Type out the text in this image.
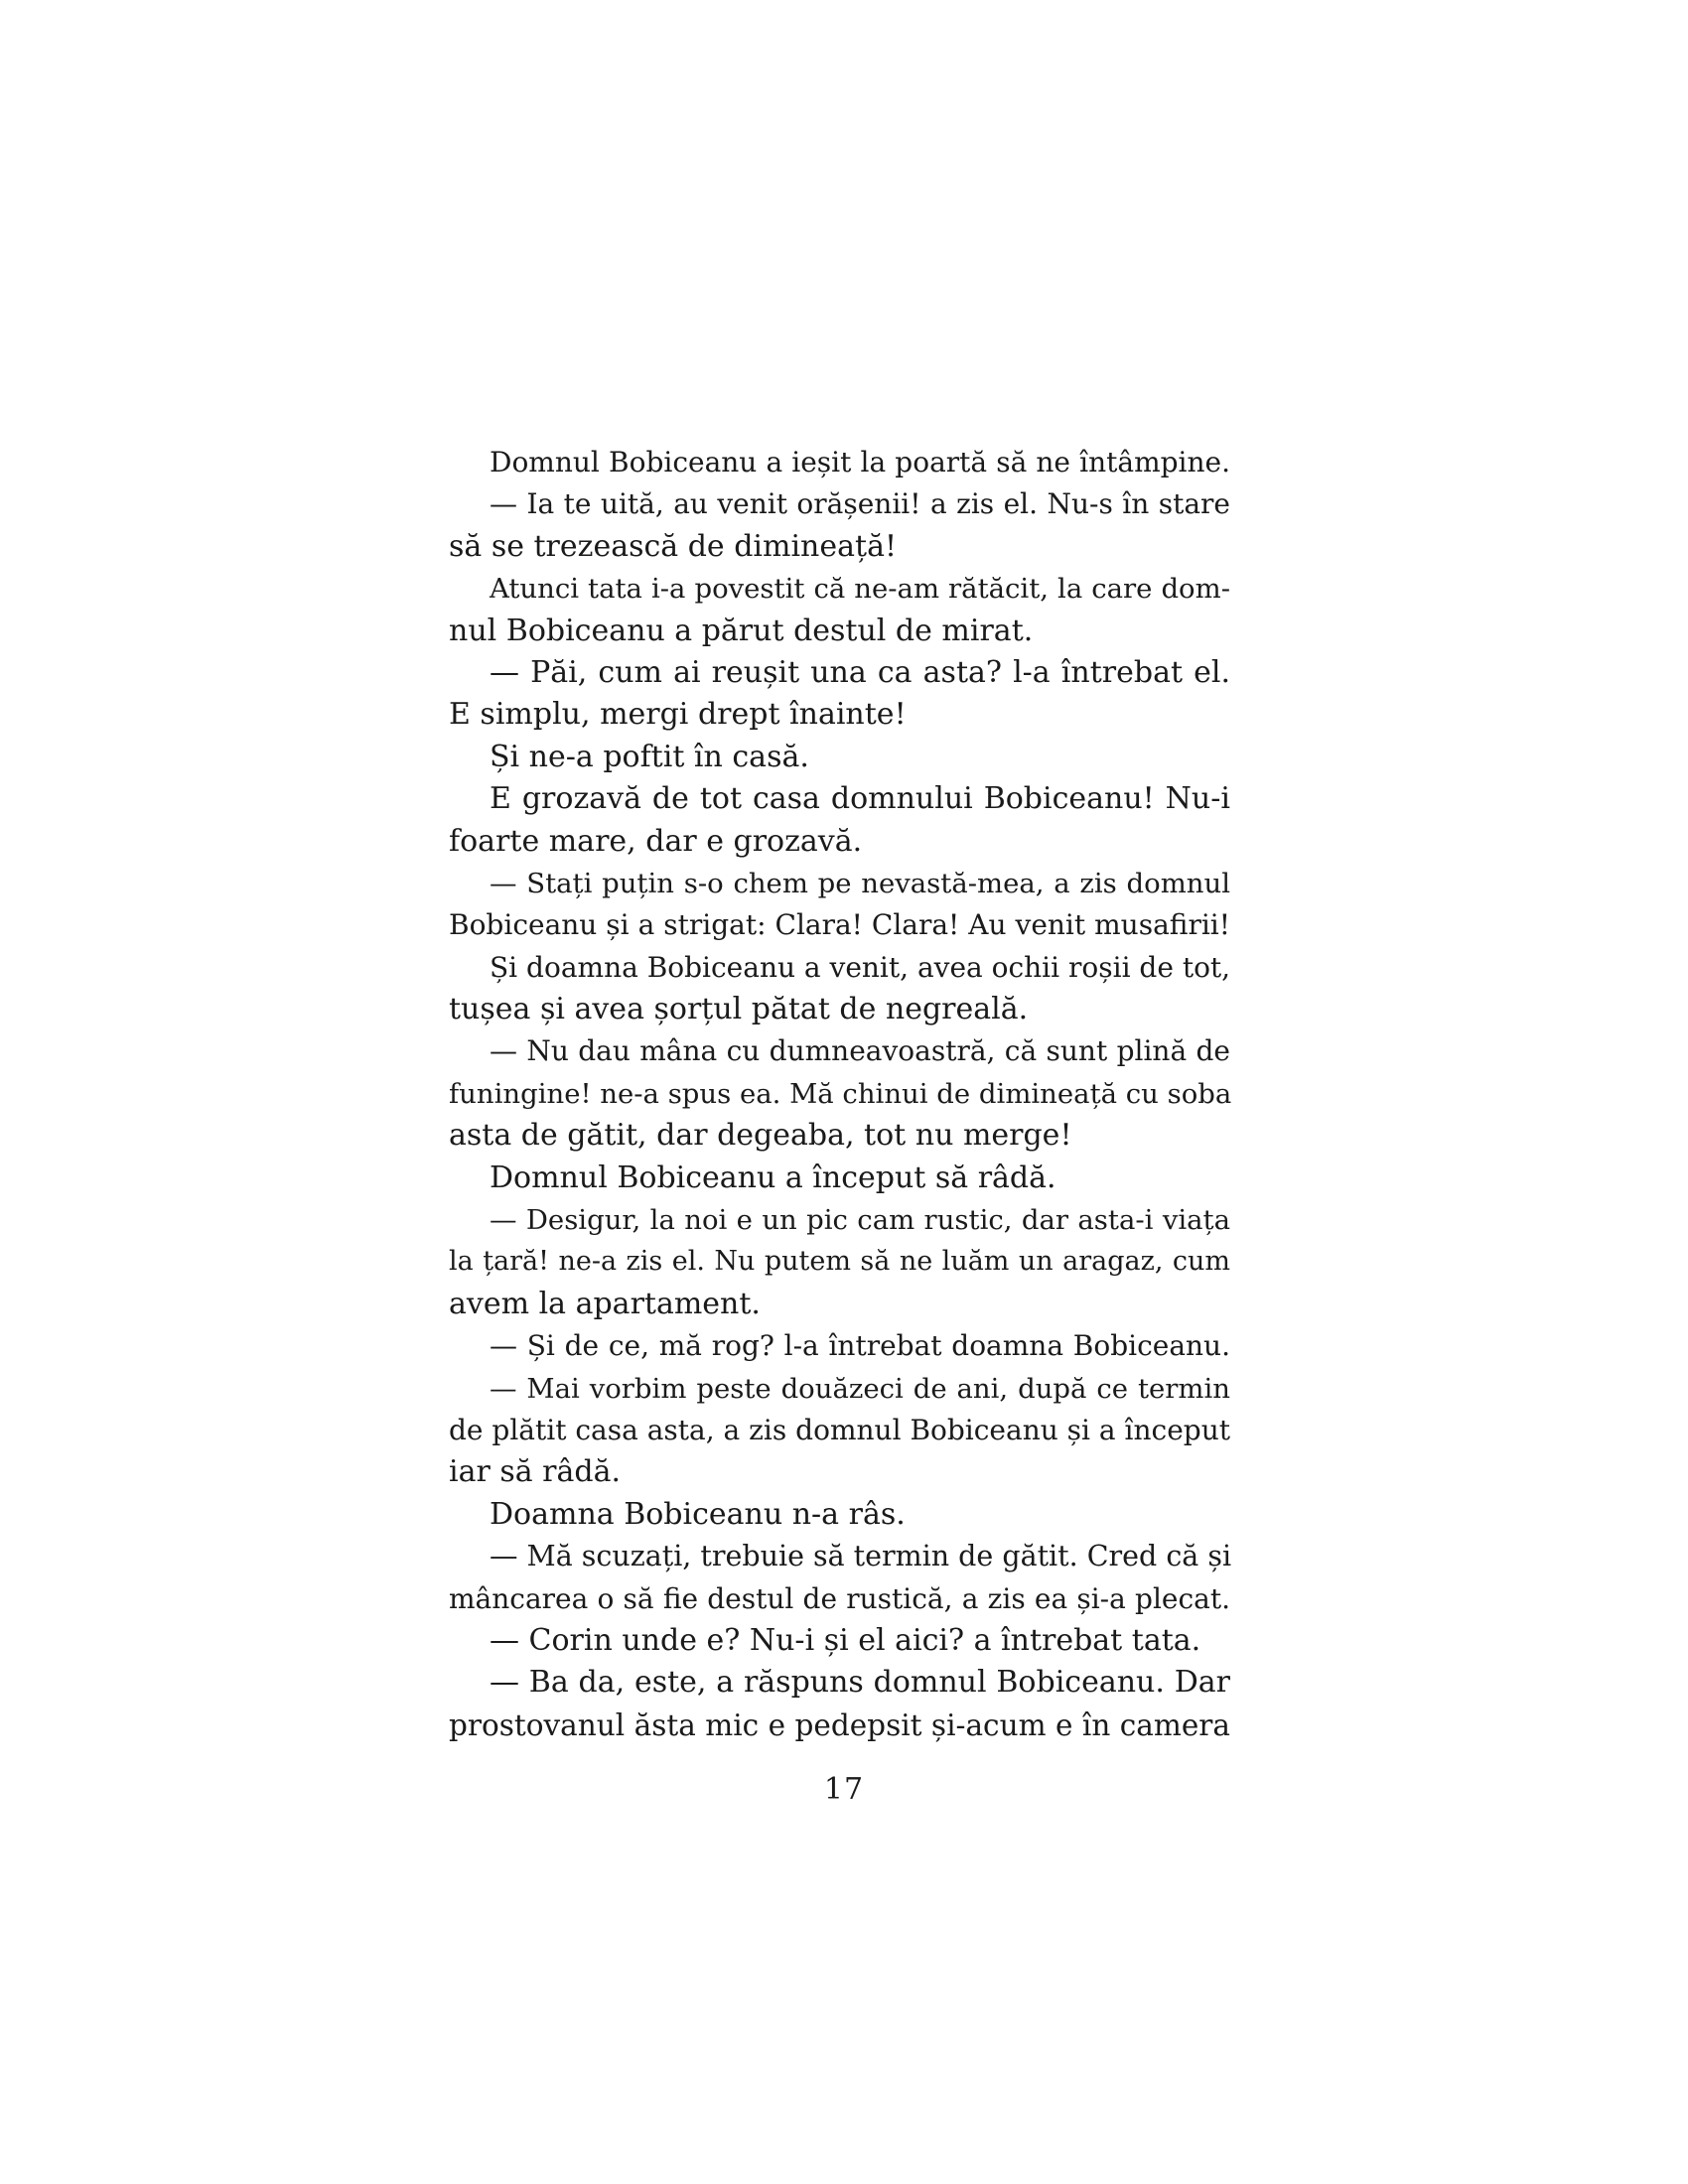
Domnul Bobiceanu a ieșit la poartă să ne întâmpine.
— Ia te uită, au venit orășenii! a zis el. Nu-s în stare
să se trezească de dimineață!
Atunci tata i-a povestit că ne-am rătăcit, la care dom-
nul Bobiceanu a părut destul de mirat.
— Păi, cum ai reușit una ca asta? l-a întrebat el.
E simplu, mergi drept înainte!
Și ne-a poftit în casă.
E grozavă de tot casa domnului Bobiceanu! Nu-i
foarte mare, dar e grozavă.
— Stați puțin s-o chem pe nevastă-mea, a zis domnul
Bobiceanu și a strigat: Clara! Clara! Au venit musafirii!
Și doamna Bobiceanu a venit, avea ochii roșii de tot,
tușea și avea șorțul pătat de negreală.
— Nu dau mâna cu dumneavoastră, că sunt plină de
funingine! ne-a spus ea. Mă chinui de dimineață cu soba
asta de gătit, dar degeaba, tot nu merge!
Domnul Bobiceanu a început să râdă.
— Desigur, la noi e un pic cam rustic, dar asta-i viața
la țară! ne-a zis el. Nu putem să ne luăm un aragaz, cum
avem la apartament.
— Și de ce, mă rog? l-a întrebat doamna Bobiceanu.
— Mai vorbim peste douăzeci de ani, după ce termin
de plătit casa asta, a zis domnul Bobiceanu și a început
iar să râdă.
Doamna Bobiceanu n-a râs.
— Mă scuzați, trebuie să termin de gătit. Cred că și
mâncarea o să fie destul de rustică, a zis ea și-a plecat.
— Corin unde e? Nu-i și el aici? a întrebat tata.
— Ba da, este, a răspuns domnul Bobiceanu. Dar
prostovanul ăsta mic e pedepsit și-acum e în camera
17
